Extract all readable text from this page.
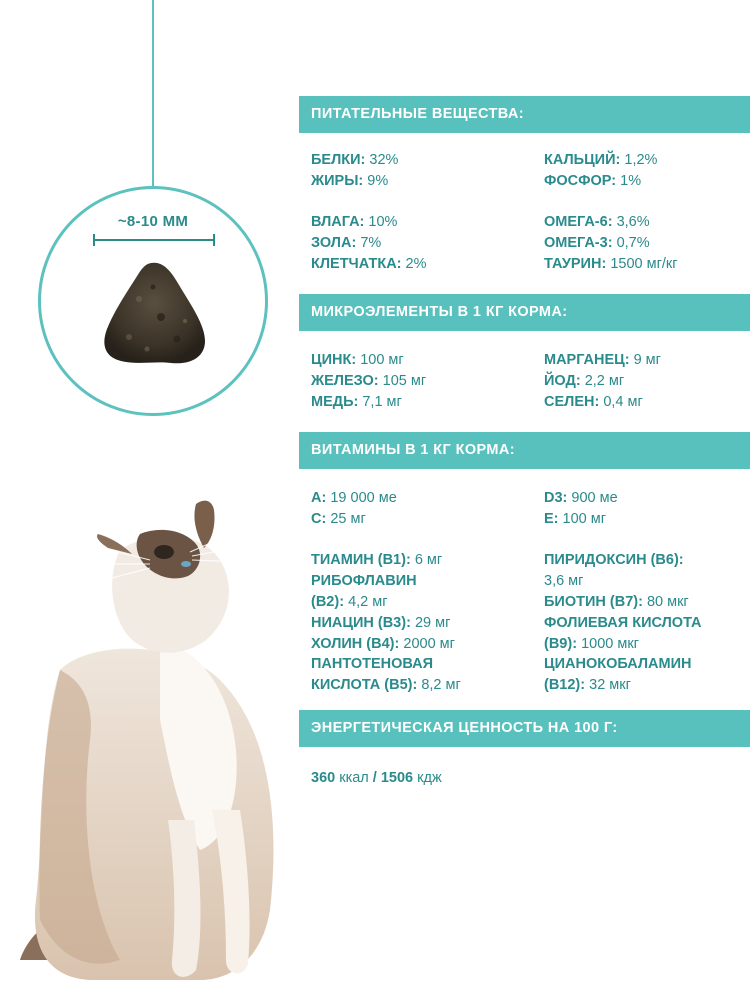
~8-10 ММ
ПИТАТЕЛЬНЫЕ ВЕЩЕСТВА:
БЕЛКИ: 32%
ЖИРЫ: 9%
ВЛАГА: 10%
ЗОЛА: 7%
КЛЕТЧАТКА: 2%
КАЛЬЦИЙ: 1,2%
ФОСФОР: 1%
ОМЕГА-6: 3,6%
ОМЕГА-3: 0,7%
ТАУРИН: 1500 мг/кг
МИКРОЭЛЕМЕНТЫ В 1 КГ КОРМА:
ЦИНК: 100 мг
ЖЕЛЕЗО: 105 мг
МЕДЬ: 7,1 мг
МАРГАНЕЦ: 9 мг
ЙОД: 2,2 мг
СЕЛЕН: 0,4 мг
ВИТАМИНЫ В 1 КГ КОРМА:
А: 19 000 ме
С: 25 мг
ТИАМИН (В1): 6 мг
РИБОФЛАВИН
(В2): 4,2 мг
НИАЦИН (В3): 29 мг
ХОЛИН (В4): 2000 мг
ПАНТОТЕНОВАЯ
КИСЛОТА (В5): 8,2 мг
D3: 900 ме
Е: 100 мг
ПИРИДОКСИН (В6):
3,6 мг
БИОТИН (В7): 80 мкг
ФОЛИЕВАЯ КИСЛОТА
(В9): 1000 мкг
ЦИАНОКОБАЛАМИН
(В12): 32 мкг
ЭНЕРГЕТИЧЕСКАЯ ЦЕННОСТЬ НА 100 Г:
360 ккал / 1506 кдж
